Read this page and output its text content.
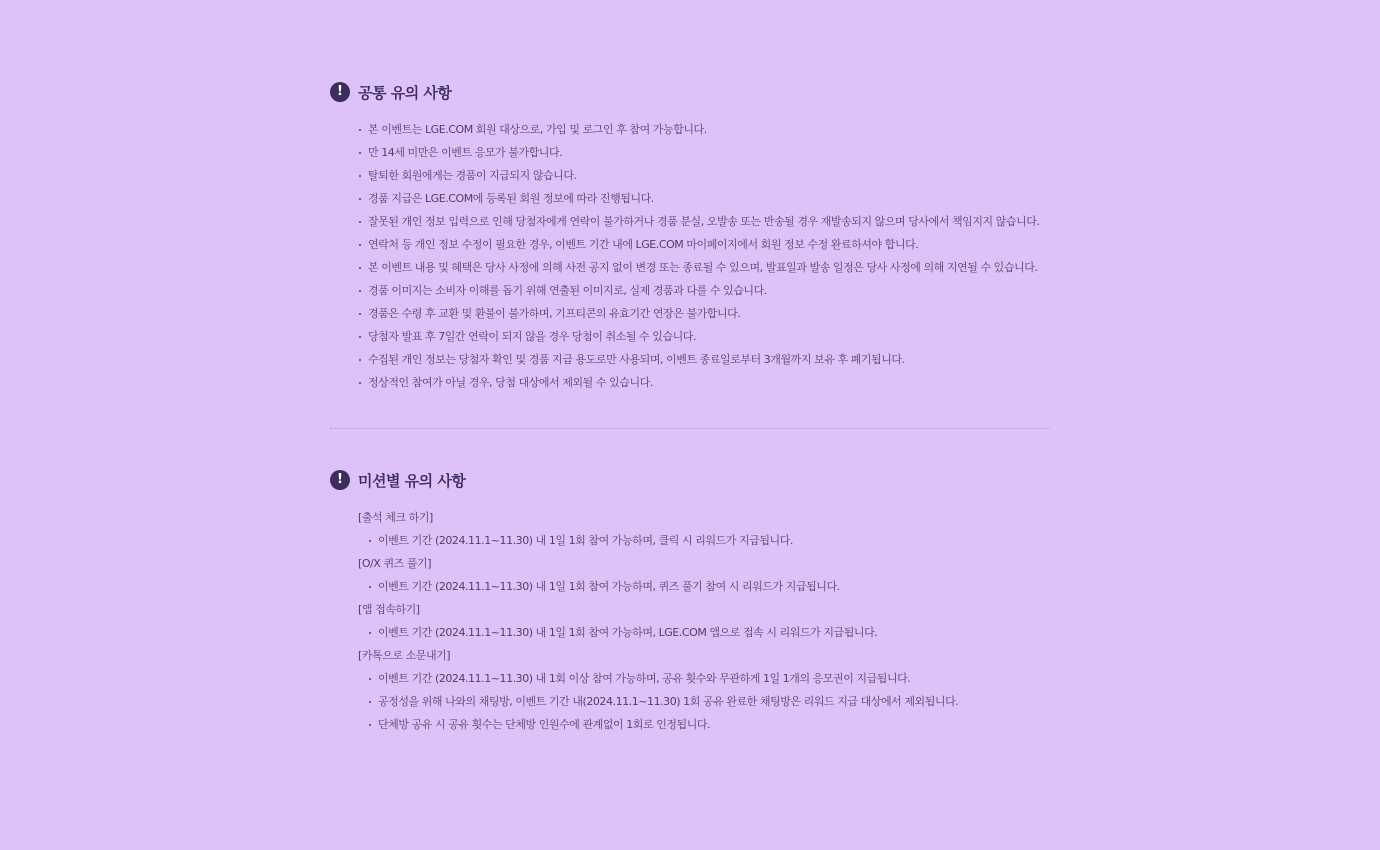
!	공통 유의 사항
본 이벤트는 LGE.COM 회원 대상으로, 가입 및 로그인 후 참여 가능합니다.
만 14세 미만은 이벤트 응모가 불가합니다.
탈퇴한 회원에게는 경품이 지급되지 않습니다.
경품 지급은 LGE.COM에 등록된 회원 정보에 따라 진행됩니다.
잘못된 개인 정보 입력으로 인해 당첨자에게 연락이 불가하거나 경품 분실, 오발송 또는 반송될 경우 재발송되지 않으며 당사에서 책임지지 않습니다.
연락처 등 개인 정보 수정이 필요한 경우, 이벤트 기간 내에 LGE.COM 마이페이지에서 회원 정보 수정 완료하셔야 합니다.
본 이벤트 내용 및 혜택은 당사 사정에 의해 사전 공지 없이 변경 또는 종료될 수 있으며, 발표일과 발송 일정은 당사 사정에 의해 지연될 수 있습니다.
경품 이미지는 소비자 이해를 돕기 위해 연출된 이미지로, 실제 경품과 다를 수 있습니다.
경품은 수령 후 교환 및 환불이 불가하며, 기프티콘의 유효기간 연장은 불가합니다.
당첨자 발표 후 7일간 연락이 되지 않을 경우 당첨이 취소될 수 있습니다.
수집된 개인 정보는 당첨자 확인 및 경품 지급 용도로만 사용되며, 이벤트 종료일로부터 3개월까지 보유 후 폐기됩니다.
정상적인 참여가 아닐 경우, 당첨 대상에서 제외될 수 있습니다.
!	미션별 유의 사항
[출석 체크 하기]
이벤트 기간 (2024.11.1~11.30) 내 1일 1회 참여 가능하며, 클릭 시 리워드가 지급됩니다.
[O/X 퀴즈 풀기]
이벤트 기간 (2024.11.1~11.30) 내 1일 1회 참여 가능하며, 퀴즈 풀기 참여 시 리워드가 지급됩니다.
[앱 접속하기]
이벤트 기간 (2024.11.1~11.30) 내 1일 1회 참여 가능하며, LGE.COM 앱으로 접속 시 리워드가 지급됩니다.
[카톡으로 소문내기]
이벤트 기간 (2024.11.1~11.30) 내 1회 이상 참여 가능하며, 공유 횟수와 무관하게 1일 1개의 응모권이 지급됩니다.
공정성을 위해 나와의 채팅방, 이벤트 기간 내(2024.11.1~11.30) 1회 공유 완료한 채팅방은 리워드 지급 대상에서 제외됩니다.
단체방 공유 시 공유 횟수는 단체방 인원수에 관계없이 1회로 인정됩니다.
